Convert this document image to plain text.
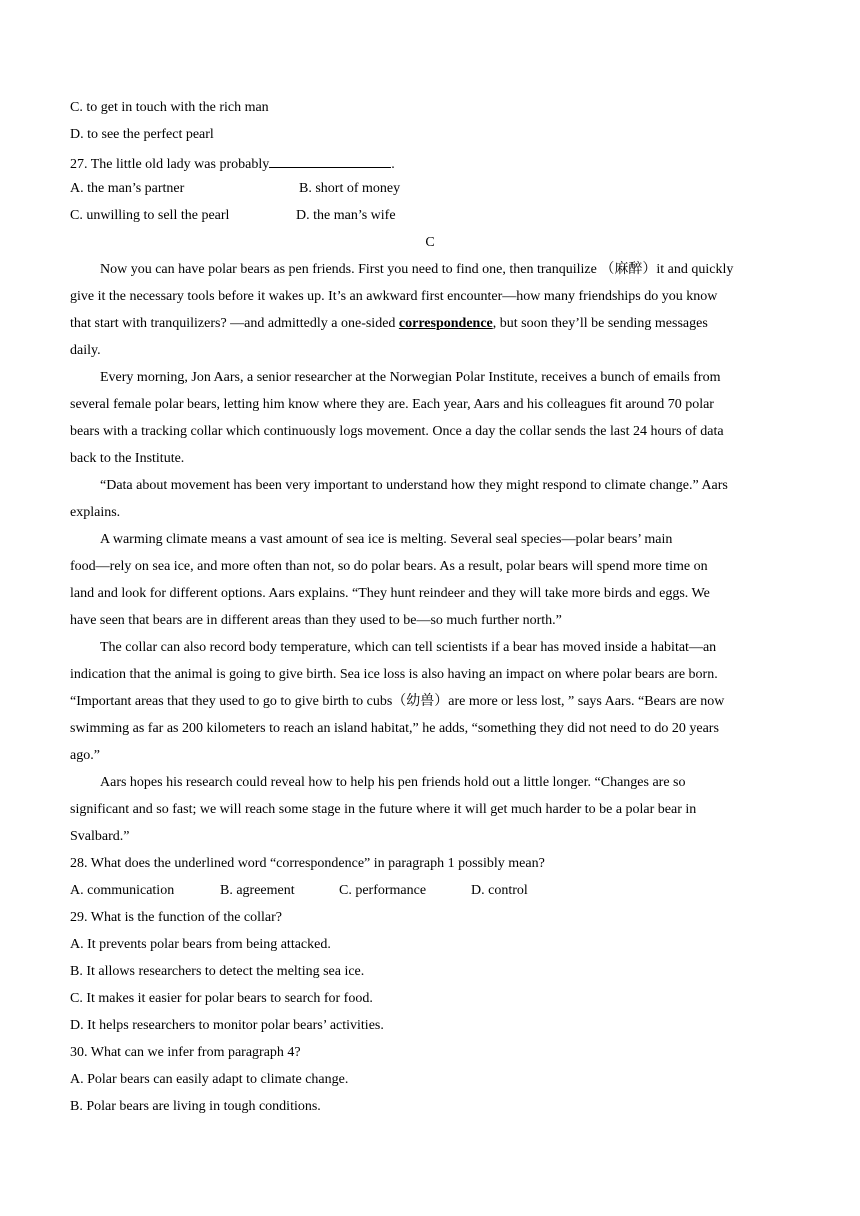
C. to get in touch with the rich man
D. to see the perfect pearl
27. The little old lady was probably	.
A. the man’s partner	B. short of money
C. unwilling to sell the pearl	D. the man’s wife
C
Now you can have polar bears as pen friends. First you need to find one, then tranquilize （麻醉）it and quickly
give it the necessary tools before it wakes up. It’s an awkward first encounter—how many friendships do you know
that start with tranquilizers? —and admittedly a one-sided correspondence, but soon they’ll be sending messages
daily.
Every morning, Jon Aars, a senior researcher at the Norwegian Polar Institute, receives a bunch of emails from
several female polar bears, letting him know where they are. Each year, Aars and his colleagues fit around 70 polar
bears with a tracking collar which continuously logs movement. Once a day the collar sends the last 24 hours of data
back to the Institute.
“Data about movement has been very important to understand how they might respond to climate change.” Aars
explains.
A warming climate means a vast amount of sea ice is melting. Several seal species—polar bears’ main
food—rely on sea ice, and more often than not, so do polar bears. As a result, polar bears will spend more time on
land and look for different options. Aars explains. “They hunt reindeer and they will take more birds and eggs. We
have seen that bears are in different areas than they used to be—so much further north.”
The collar can also record body temperature, which can tell scientists if a bear has moved inside a habitat—an
indication that the animal is going to give birth. Sea ice loss is also having an impact on where polar bears are born.
“Important areas that they used to go to give birth to cubs（幼兽）are more or less lost, ” says Aars. “Bears are now
swimming as far as 200 kilometers to reach an island habitat,” he adds, “something they did not need to do 20 years
ago.”
Aars hopes his research could reveal how to help his pen friends hold out a little longer. “Changes are so
significant and so fast; we will reach some stage in the future where it will get much harder to be a polar bear in
Svalbard.”
28. What does the underlined word “correspondence” in paragraph 1 possibly mean?
A. communication	B. agreement	C. performance	D. control
29. What is the function of the collar?
A. It prevents polar bears from being attacked.
B. It allows researchers to detect the melting sea ice.
C. It makes it easier for polar bears to search for food.
D. It helps researchers to monitor polar bears’ activities.
30. What can we infer from paragraph 4?
A. Polar bears can easily adapt to climate change.
B. Polar bears are living in tough conditions.
